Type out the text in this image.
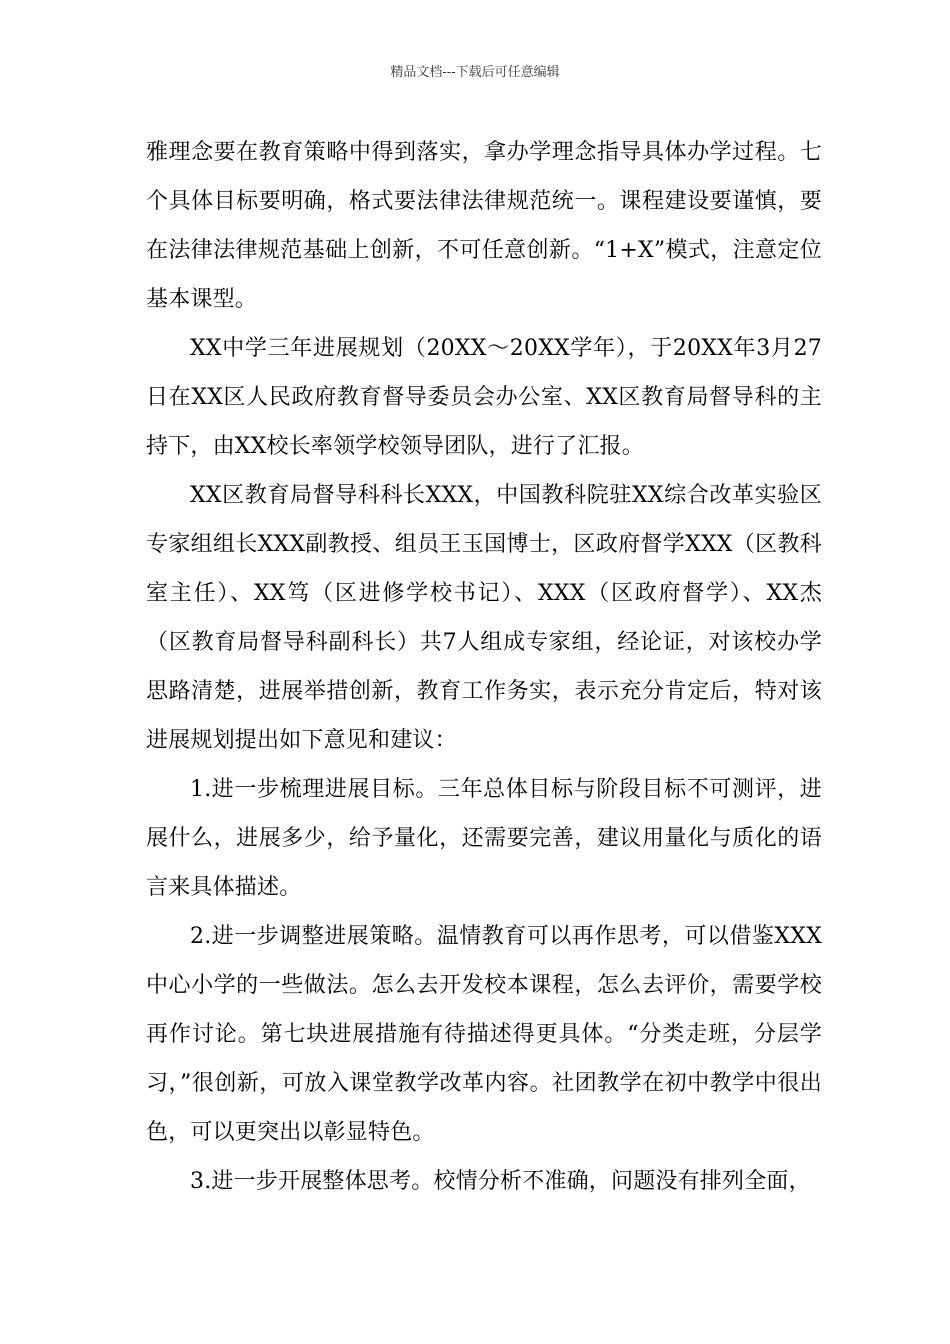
精品文档---下载后可任意编辑

雅理念要在教育策略中得到落实，拿办学理念指导具体办学过程。七个具体目标要明确，格式要法律法律规范统一。课程建设要谨慎，要在法律法律规范基础上创新，不可任意创新。“1+X”模式，注意定位基本课型。

XX中学三年进展规划（20XX～20XX学年），于20XX年3月27日在XX区人民政府教育督导委员会办公室、XX区教育局督导科的主持下，由XX校长率领学校领导团队，进行了汇报。

XX区教育局督导科科长XXX，中国教科院驻XX综合改革实验区专家组组长XXX副教授、组员王玉国博士，区政府督学XXX（区教科室主任）、XX笃（区进修学校书记）、XXX（区政府督学）、XX杰（区教育局督导科副科长）共7人组成专家组，经论证，对该校办学思路清楚，进展举措创新，教育工作务实，表示充分肯定后，特对该进展规划提出如下意见和建议：

1.进一步梳理进展目标。三年总体目标与阶段目标不可测评，进展什么，进展多少，给予量化，还需要完善，建议用量化与质化的语言来具体描述。

2.进一步调整进展策略。温情教育可以再作思考，可以借鉴XXX中心小学的一些做法。怎么去开发校本课程，怎么去评价，需要学校再作讨论。第七块进展措施有待描述得更具体。“分类走班，分层学习，”很创新，可放入课堂教学改革内容。社团教学在初中教学中很出色，可以更突出以彰显特色。

3.进一步开展整体思考。校情分析不准确，问题没有排列全面，
